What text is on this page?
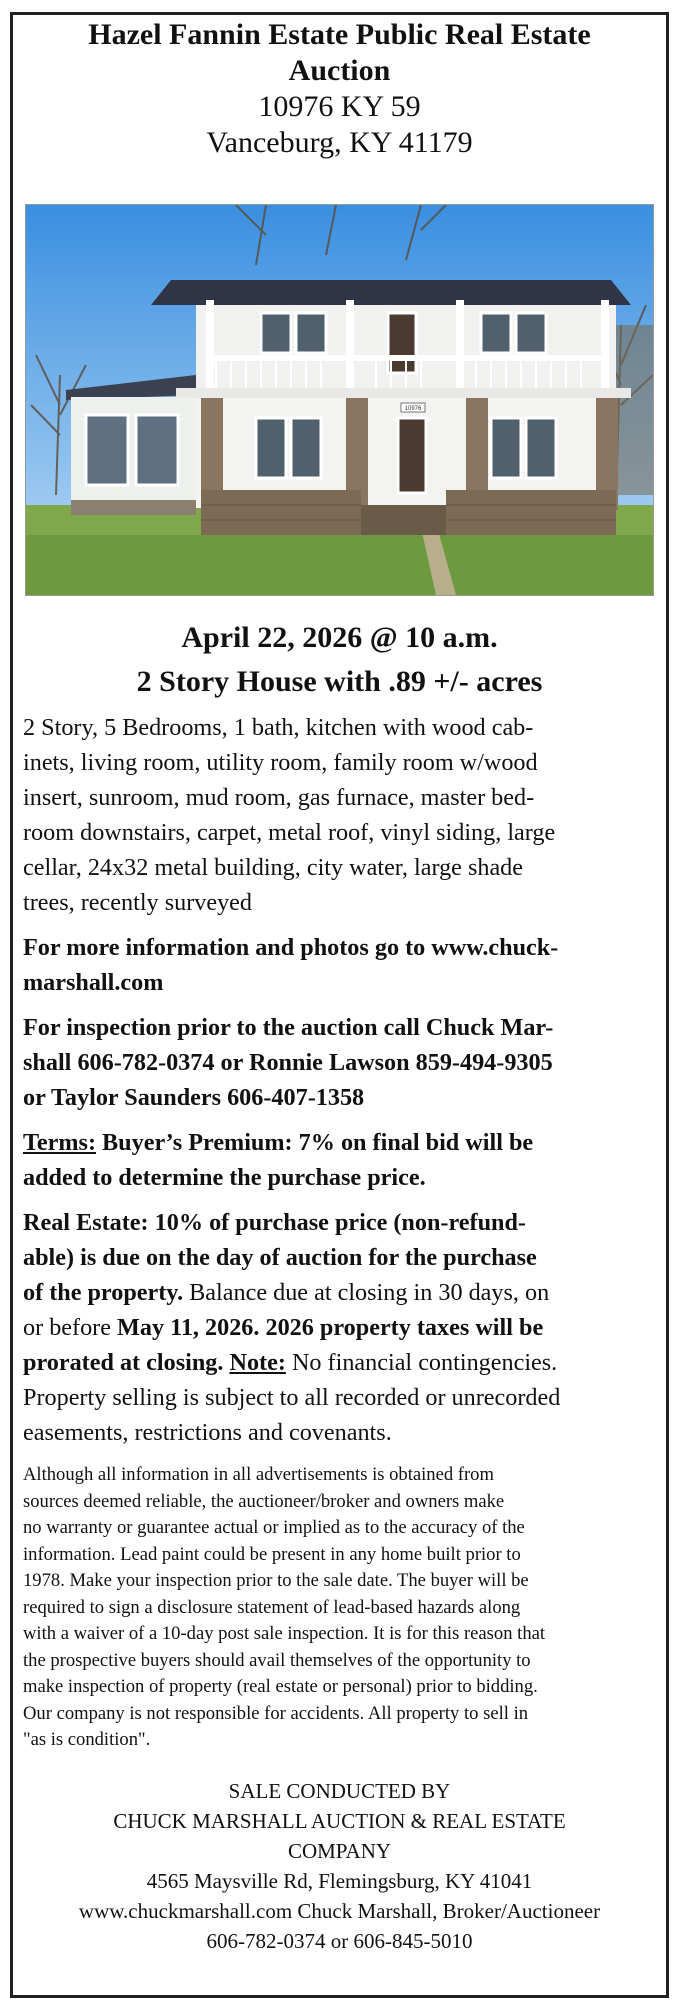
Hazel Fannin Estate Public Real Estate
Auction
10976 KY 59
Vanceburg, KY 41179
10976
April 22, 2026 @ 10 a.m.
2 Story House with .89 +/- acres
2 Story, 5 Bedrooms, 1 bath, kitchen with wood cab-
inets, living room, utility room, family room w/wood
insert, sunroom, mud room, gas furnace, master bed-
room downstairs, carpet, metal roof, vinyl siding, large
cellar, 24x32 metal building, city water, large shade
trees, recently surveyed
For more information and photos go to www.chuck-
marshall.com
For inspection prior to the auction call Chuck Mar-
shall 606-782-0374 or Ronnie Lawson 859-494-9305
or Taylor Saunders 606-407-1358
Terms: Buyer’s Premium: 7% on final bid will be
added to determine the purchase price.
Real Estate: 10% of purchase price (non-refund-
able) is due on the day of auction for the purchase
of the property. Balance due at closing in 30 days, on
or before May 11, 2026. 2026 property taxes will be
prorated at closing. Note: No financial contingencies.
Property selling is subject to all recorded or unrecorded
easements, restrictions and covenants.
Although all information in all advertisements is obtained from
sources deemed reliable, the auctioneer/broker and owners make
no warranty or guarantee actual or implied as to the accuracy of the
information. Lead paint could be present in any home built prior to
1978. Make your inspection prior to the sale date. The buyer will be
required to sign a disclosure statement of lead-based hazards along
with a waiver of a 10-day post sale inspection. It is for this reason that
the prospective buyers should avail themselves of the opportunity to
make inspection of property (real estate or personal) prior to bidding.
Our company is not responsible for accidents. All property to sell in
"as is condition".
SALE CONDUCTED BY
CHUCK MARSHALL AUCTION & REAL ESTATE
COMPANY
4565 Maysville Rd, Flemingsburg, KY 41041
www.chuckmarshall.com Chuck Marshall, Broker/Auctioneer
606-782-0374 or 606-845-5010
